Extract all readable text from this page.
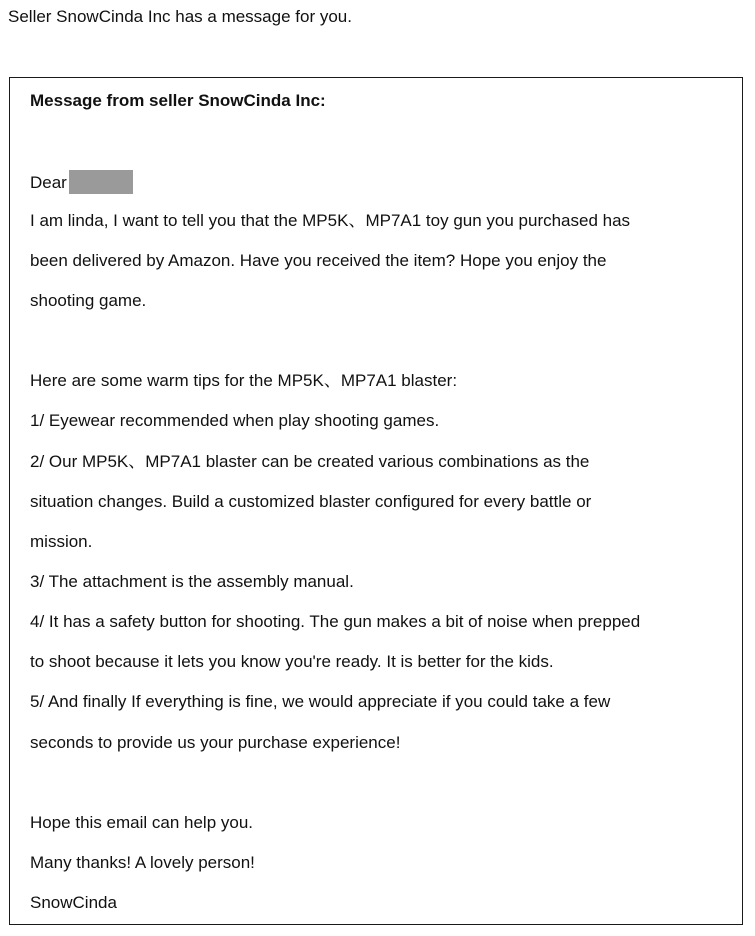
Seller SnowCinda Inc has a message for you.
Message from seller SnowCinda Inc:
Dear
I am linda, I want to tell you that the MP5K、MP7A1 toy gun you purchased has
been delivered by Amazon. Have you received the item? Hope you enjoy the
shooting game.
Here are some warm tips for the MP5K、MP7A1 blaster:
1/ Eyewear recommended when play shooting games.
2/ Our MP5K、MP7A1 blaster can be created various combinations as the
situation changes. Build a customized blaster configured for every battle or
mission.
3/ The attachment is the assembly manual.
4/ It has a safety button for shooting. The gun makes a bit of noise when prepped
to shoot because it lets you know you're ready. It is better for the kids.
5/ And finally If everything is fine, we would appreciate if you could take a few
seconds to provide us your purchase experience!
Hope this email can help you.
Many thanks! A lovely person!
SnowCinda
